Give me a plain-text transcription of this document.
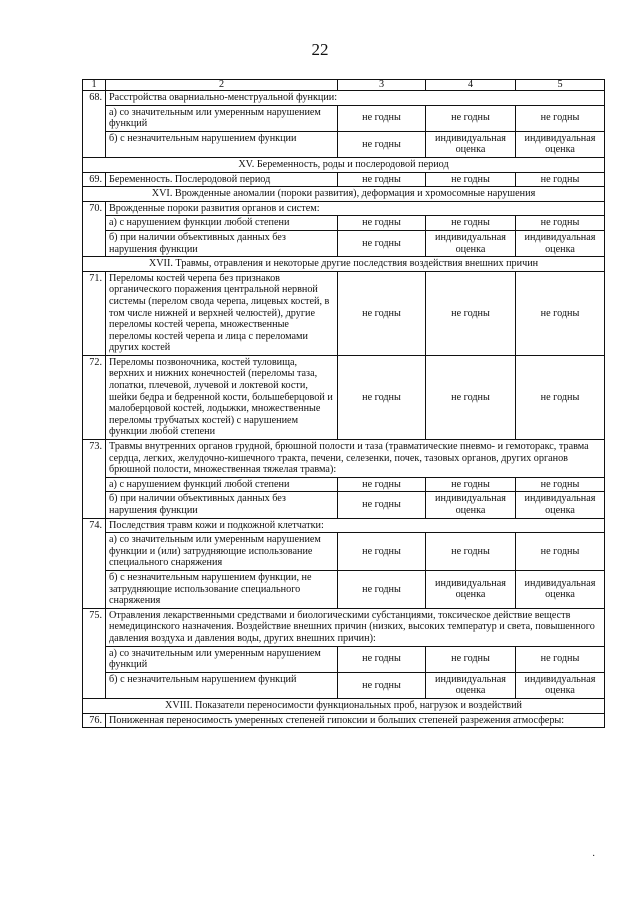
22
1	2	3	4	5
68.	Расстройства оварниально-менструальной функции:			
	а) со значительным или умеренным нарушением функций	не годны	не годны	не годны
	б) с незначительным нарушением функции	не годны	индивидуальная оценка	индивидуальная оценка
XV. Беременность, роды и послеродовой период				
69.	Беременность. Послеродовой период	не годны	не годны	не годны
XVI. Врожденные аномалии (пороки развития), деформация и хромосомные нарушения				
70.	Врожденные пороки развития органов и систем:			
	а) с нарушением функции любой степени	не годны	не годны	не годны
	б) при наличии объективных данных без нарушения функции	не годны	индивидуальная оценка	индивидуальная оценка
XVII. Травмы, отравления и некоторые другие последствия воздействия внешних причин				
71.	Переломы костей черепа без признаков органического поражения центральной нервной системы (перелом свода черепа, лицевых костей, в том числе нижней и верхней челюстей), другие переломы костей черепа, множественные переломы костей черепа и лица с переломами других костей	не годны	не годны	не годны
72.	Переломы позвоночника, костей туловища, верхних и нижних конечностей (переломы таза, лопатки, плечевой, лучевой и локтевой кости, шейки бедра и бедренной кости, большеберцовой и малоберцовой костей, лодыжки, множественные переломы трубчатых костей) с нарушением функции любой степени	не годны	не годны	не годны
73.	Травмы внутренних органов грудной, брюшной полости и таза (травматические пневмо- и гемоторакс, травма сердца, легких, желудочно-кишечного тракта, печени, селезенки, почек, тазовых органов, других органов брюшной полости, множественная тяжелая травма):			
	а) с нарушением функций любой степени	не годны	не годны	не годны
	б) при наличии объективных данных без нарушения функции	не годны	индивидуальная оценка	индивидуальная оценка
74.	Последствия травм кожи и подкожной клетчатки:			
	а) со значительным или умеренным нарушением функции и (или) затрудняющие использование специального снаряжения	не годны	не годны	не годны
	б) с незначительным нарушением функции, не затрудняющие использование специального снаряжения	не годны	индивидуальная оценка	индивидуальная оценка
75.	Отравления лекарственными средствами и биологическими субстанциями, токсическое действие веществ немедицинского назначения. Воздействие внешних причин (низких, высоких температур и света, повышенного давления воздуха и давления воды, других внешних причин):			
	а) со значительным или умеренным нарушением функций	не годны	не годны	не годны
	б) с незначительным нарушением функций	не годны	индивидуальная оценка	индивидуальная оценка
XVIII. Показатели переносимости функциональных проб, нагрузок и воздействий				
76.	Пониженная переносимость умеренных степеней гипоксии и больших степеней разрежения атмосферы:			
·
